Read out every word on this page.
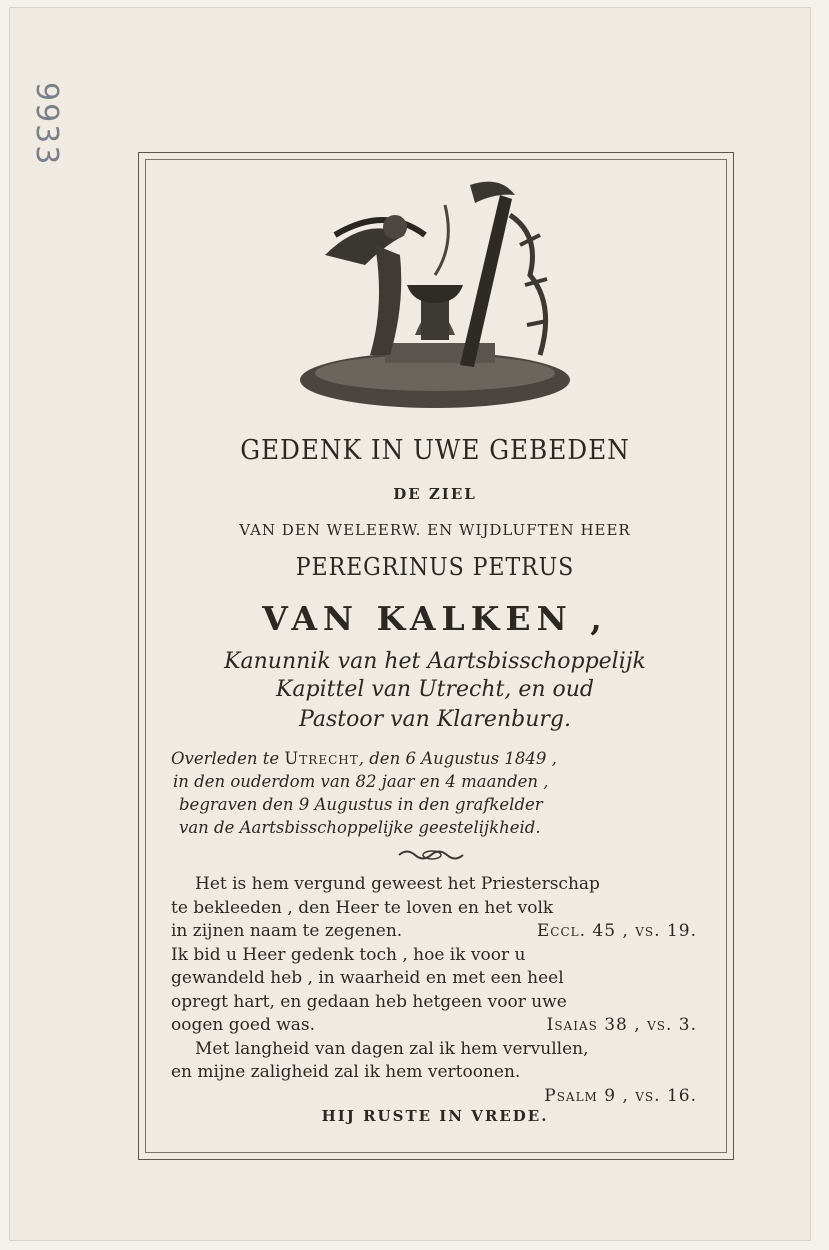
9933
GEDENK IN UWE GEBEDEN
DE ZIEL
VAN DEN WELEERW. EN WIJDLUFTEN HEER
PEREGRINUS PETRUS
VAN KALKEN ,
Kanunnik van het Aartsbisschoppelijk
Kapittel van Utrecht, en oud
Pastoor van Klarenburg.
Overleden te Utrecht, den 6 Augustus 1849 ,
in den ouderdom van 82 jaar en 4 maanden ,
begraven den 9 Augustus in den grafkelder
van de Aartsbisschoppelijke geestelijkheid.
Het is hem vergund geweest het Priesterschap
te bekleeden , den Heer te loven en het volk
in zijnen naam te zegenen.	Eccl. 45 , vs. 19.
Ik bid u Heer gedenk toch , hoe ik voor u
gewandeld heb , in waarheid en met een heel
opregt hart, en gedaan heb hetgeen voor uwe
oogen goed was.	Isaias 38 , vs. 3.
Met langheid van dagen zal ik hem vervullen,
en mijne zaligheid zal ik hem vertoonen.
Psalm 9 , vs. 16.
HIJ RUSTE IN VREDE.
